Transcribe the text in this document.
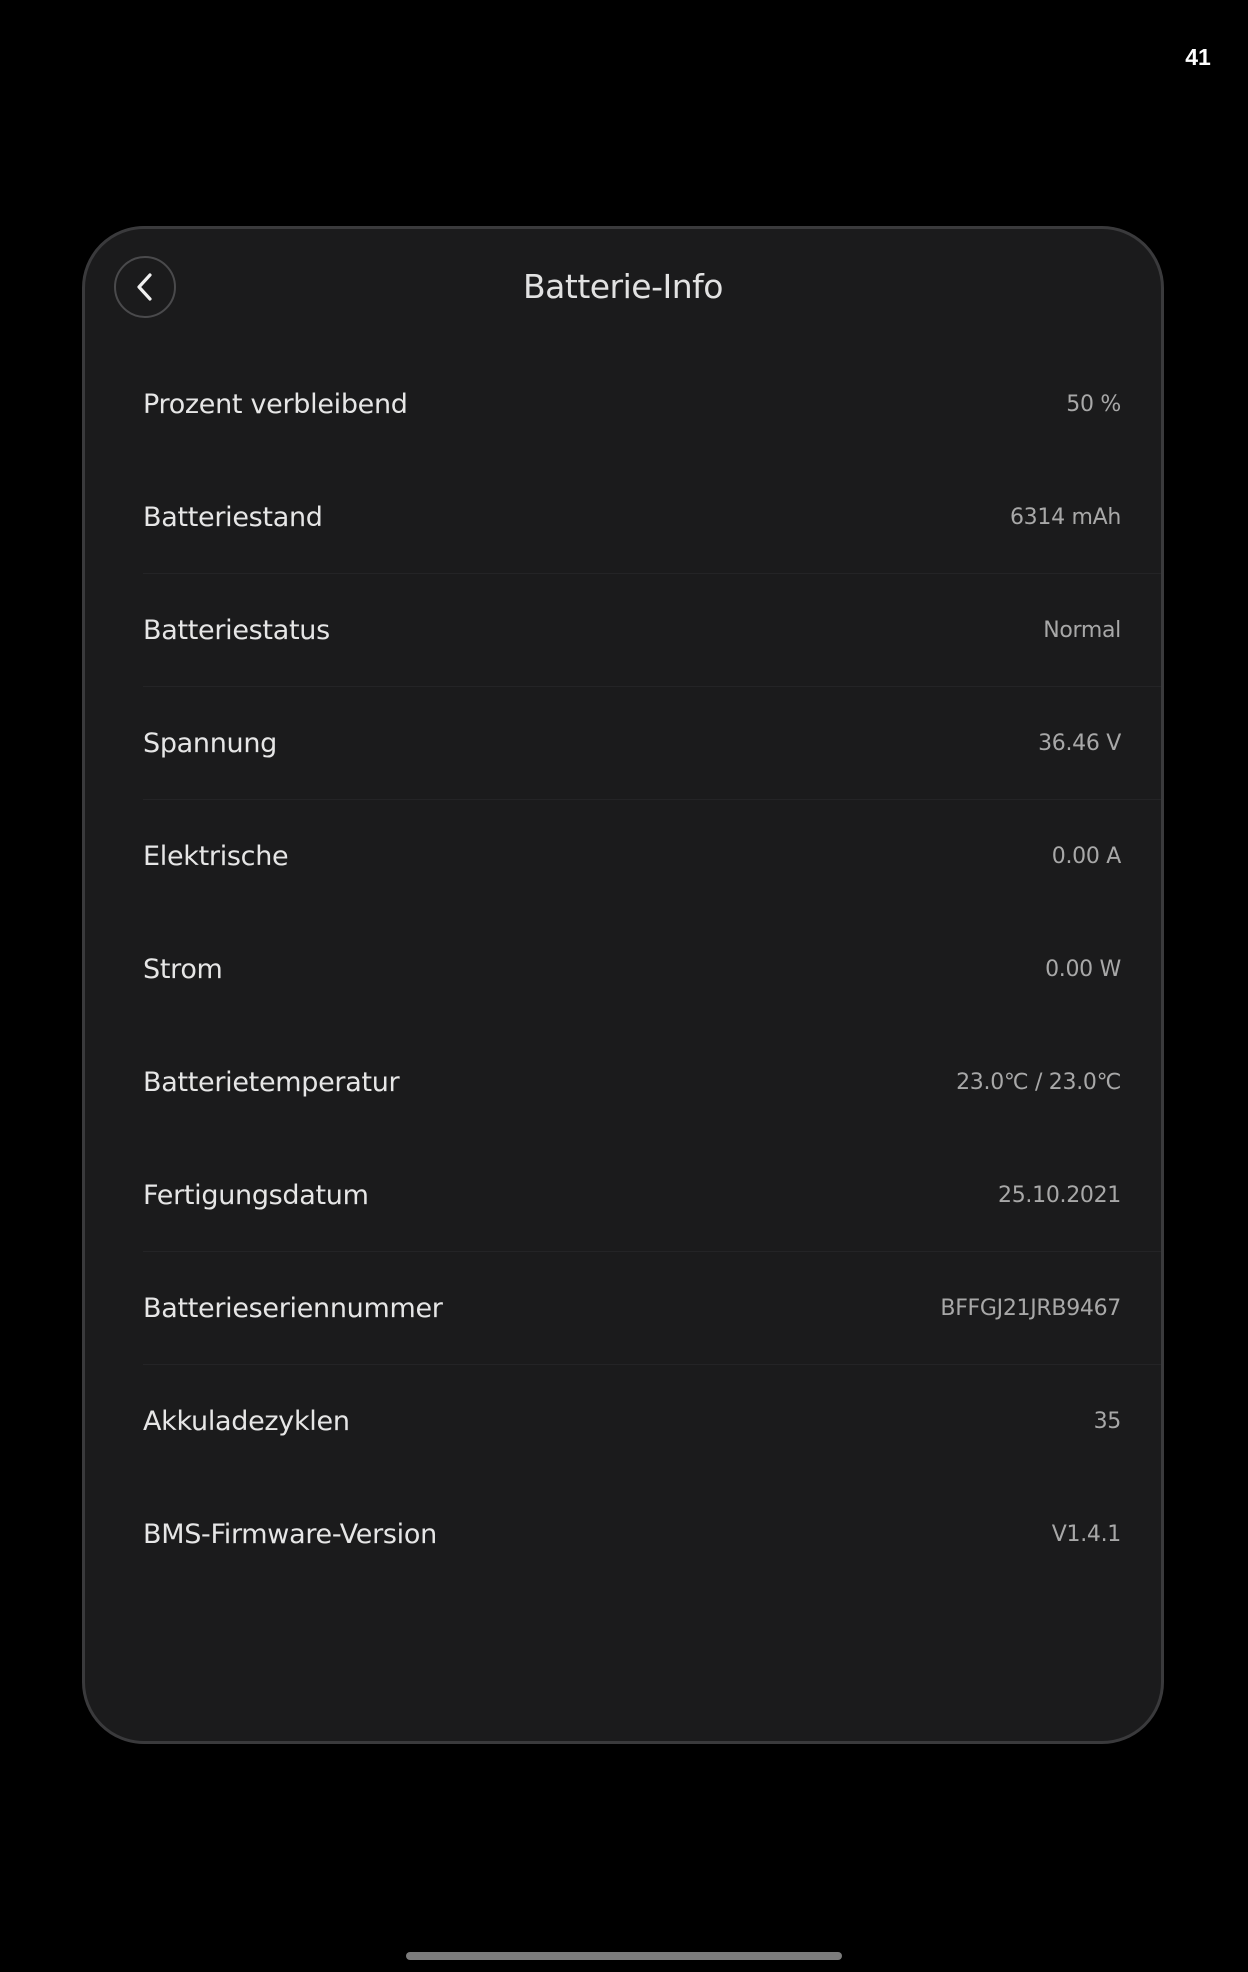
41
Batterie-Info
Prozent verbleibend	50 %
Batteriestand	6314 mAh
Batteriestatus	Normal
Spannung	36.46 V
Elektrische	0.00 A
Strom	0.00 W
Batterietemperatur	23.0℃ / 23.0℃
Fertigungsdatum	25.10.2021
Batterieseriennummer	BFFGJ21JRB9467
Akkuladezyklen	35
BMS-Firmware-Version	V1.4.1
